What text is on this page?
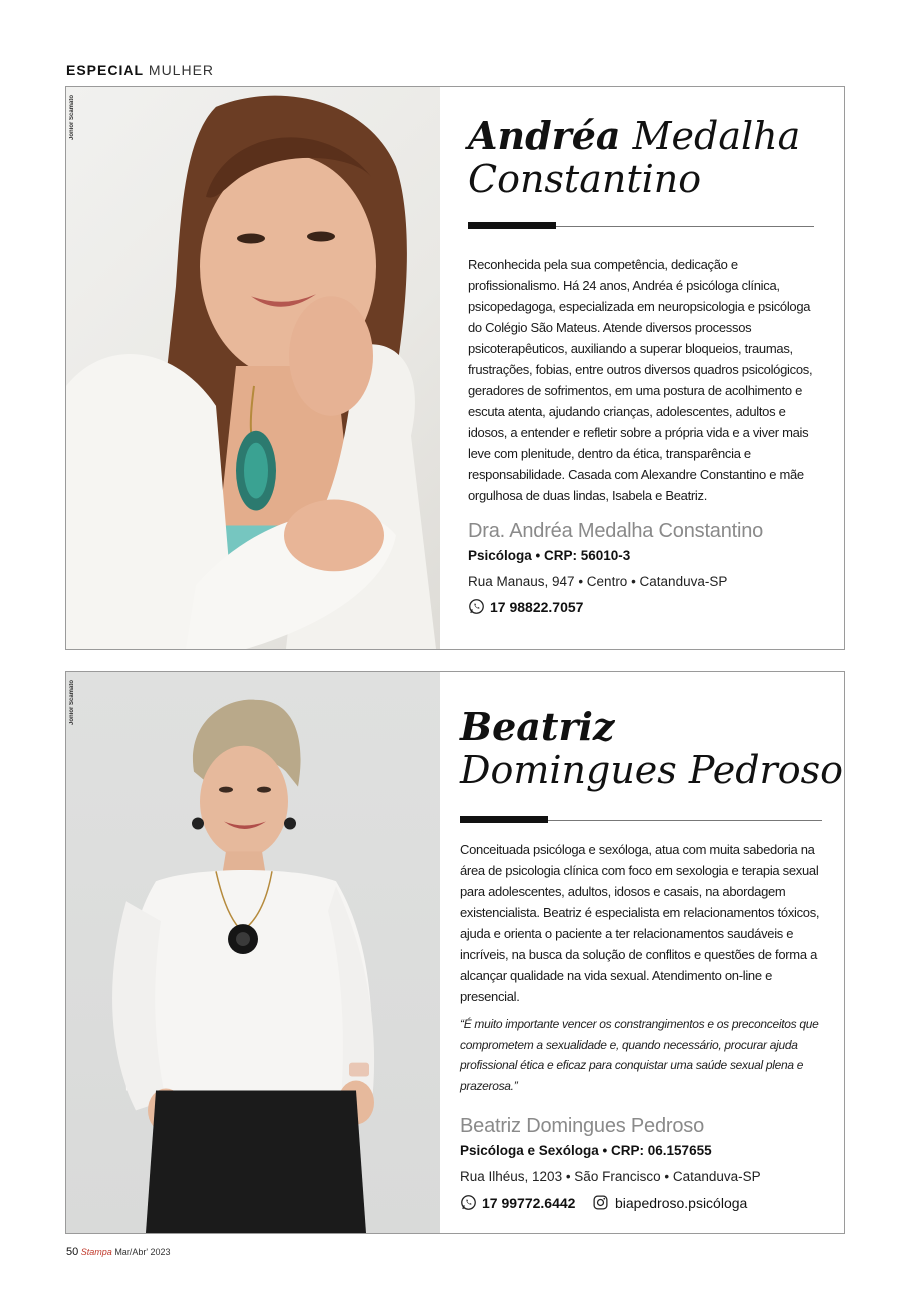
ESPECIAL MULHER
Jonior Scamato	Andréa Medalha
Constantino
Reconhecida pela sua competência, dedicação e profissionalismo. Há 24 anos, Andréa é psicóloga clínica, psicopedagoga, especializada em neuropsicologia e psicóloga do Colégio São Mateus. Atende diversos processos psicoterapêuticos, auxiliando a superar bloqueios, traumas, frustrações, fobias, entre outros diversos quadros psicológicos, geradores de sofrimentos, em uma postura de acolhimento e escuta atenta, ajudando crianças, adolescentes, adultos e idosos, a entender e refletir sobre a própria vida e a viver mais leve com plenitude, dentro da ética, transparência e responsabilidade. Casada com Alexandre Constantino e mãe orgulhosa de duas lindas, Isabela e Beatriz.
Dra. Andréa Medalha Constantino
Psicóloga • CRP: 56010-3
Rua Manaus, 947 • Centro • Catanduva-SP
17 98822.7057
Jonior Scamato
Beatriz
Domingues Pedroso
Conceituada psicóloga e sexóloga, atua com muita sabedoria na área de psicologia clínica com foco em sexologia e terapia sexual para adolescentes, adultos, idosos e casais, na abordagem existencialista. Beatriz é especialista em relacionamentos tóxicos, ajuda e orienta o paciente a ter relacionamentos saudáveis e incríveis, na busca da solução de conflitos e questões de forma a alcançar qualidade na vida sexual. Atendimento on-line e presencial.
“É muito importante vencer os constrangimentos e os preconceitos que comprometem a sexualidade e, quando necessário, procurar ajuda profissional ética e eficaz para conquistar uma saúde sexual plena e prazerosa.”
Beatriz Domingues Pedroso
Psicóloga e Sexóloga • CRP: 06.157655
Rua Ilhéus, 1203 • São Francisco • Catanduva-SP
17 99772.6442	biapedroso.psicóloga
50 Stampa Mar/Abr' 2023
